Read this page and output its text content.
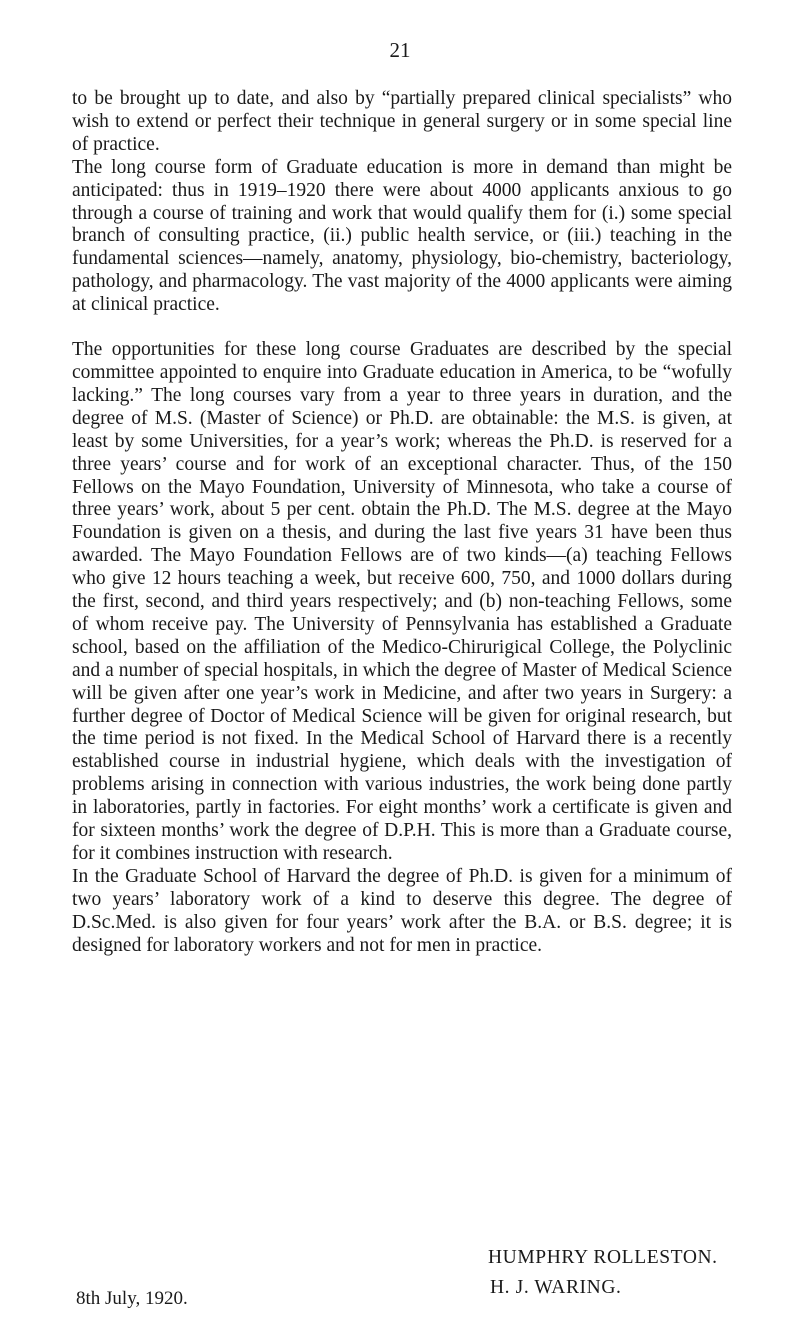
21

to be brought up to date, and also by “partially prepared clinical specialists” who wish to extend or perfect their technique in general surgery or in some special line of practice.

The long course form of Graduate education is more in demand than might be anticipated: thus in 1919–1920 there were about 4000 applicants anxious to go through a course of training and work that would qualify them for (i.) some special branch of consulting practice, (ii.) public health service, or (iii.) teaching in the fundamental sciences—namely, anatomy, physiology, bio-chemistry, bacteriology, pathology, and pharmacology. The vast majority of the 4000 applicants were aiming at clinical practice.

The opportunities for these long course Graduates are described by the special committee appointed to enquire into Graduate education in America, to be “wofully lacking.” The long courses vary from a year to three years in duration, and the degree of M.S. (Master of Science) or Ph.D. are obtainable: the M.S. is given, at least by some Universities, for a year’s work; whereas the Ph.D. is reserved for a three years’ course and for work of an exceptional character. Thus, of the 150 Fellows on the Mayo Foundation, University of Minnesota, who take a course of three years’ work, about 5 per cent. obtain the Ph.D. The M.S. degree at the Mayo Foundation is given on a thesis, and during the last five years 31 have been thus awarded. The Mayo Foundation Fellows are of two kinds—(a) teaching Fellows who give 12 hours teaching a week, but receive 600, 750, and 1000 dollars during the first, second, and third years respectively; and (b) non-teaching Fellows, some of whom receive pay. The University of Pennsylvania has established a Graduate school, based on the affiliation of the Medico-Chirurigical College, the Polyclinic and a number of special hospitals, in which the degree of Master of Medical Science will be given after one year’s work in Medicine, and after two years in Surgery: a further degree of Doctor of Medical Science will be given for original research, but the time period is not fixed. In the Medical School of Harvard there is a recently established course in industrial hygiene, which deals with the investigation of problems arising in connection with various industries, the work being done partly in laboratories, partly in factories. For eight months’ work a certificate is given and for sixteen months’ work the degree of D.P.H. This is more than a Graduate course, for it combines instruction with research.

In the Graduate School of Harvard the degree of Ph.D. is given for a minimum of two years’ laboratory work of a kind to deserve this degree. The degree of D.Sc.Med. is also given for four years’ work after the B.A. or B.S. degree; it is designed for laboratory workers and not for men in practice.

HUMPHRY ROLLESTON.
H. J. WARING.
8th July, 1920.
